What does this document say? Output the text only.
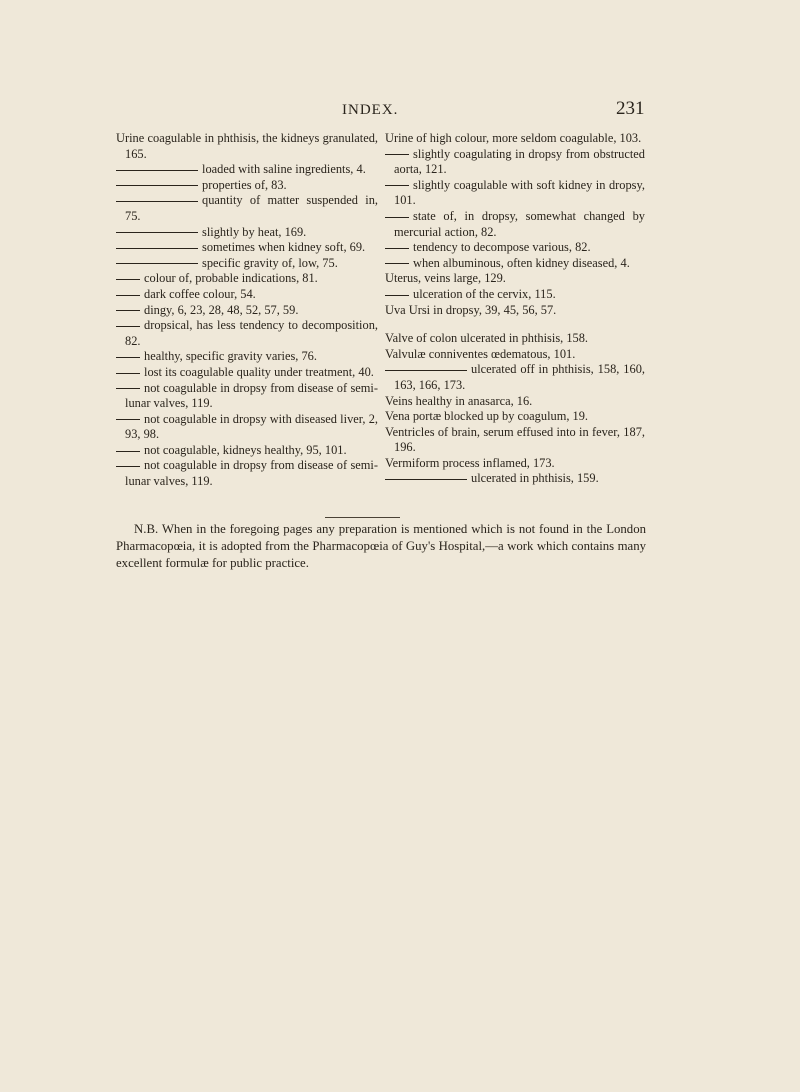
INDEX.	231

Urine coagulable in phthisis, the kidneys granulated, 165.

loaded with saline ingredients, 4.

properties of, 83.

quantity of matter suspended in, 75.

slightly by heat, 169.

sometimes when kidney soft, 69.

specific gravity of, low, 75.

colour of, probable indications, 81.

dark coffee colour, 54.

dingy, 6, 23, 28, 48, 52, 57, 59.

dropsical, has less tendency to decomposition, 82.

healthy, specific gravity varies, 76.

lost its coagulable quality under treatment, 40.

not coagulable in dropsy from disease of semi-lunar valves, 119.

not coagulable in dropsy with diseased liver, 2, 93, 98.

not coagulable, kidneys healthy, 95, 101.

not coagulable in dropsy from disease of semi-lunar valves, 119.

Urine of high colour, more seldom coagulable, 103.

slightly coagulating in dropsy from obstructed aorta, 121.

slightly coagulable with soft kidney in dropsy, 101.

state of, in dropsy, somewhat changed by mercurial action, 82.

tendency to decompose various, 82.

when albuminous, often kidney diseased, 4.

Uterus, veins large, 129.

ulceration of the cervix, 115.

Uva Ursi in dropsy, 39, 45, 56, 57.

Valve of colon ulcerated in phthisis, 158.

Valvulæ conniventes œdematous, 101.

ulcerated off in phthisis, 158, 160, 163, 166, 173.

Veins healthy in anasarca, 16.

Vena portæ blocked up by coagulum, 19.

Ventricles of brain, serum effused into in fever, 187, 196.

Vermiform process inflamed, 173.

ulcerated in phthisis, 159.

N.B. When in the foregoing pages any preparation is mentioned which is not found in the London Pharmacopœia, it is adopted from the Pharmacopœia of Guy's Hospital,—a work which contains many excellent formulæ for public practice.
